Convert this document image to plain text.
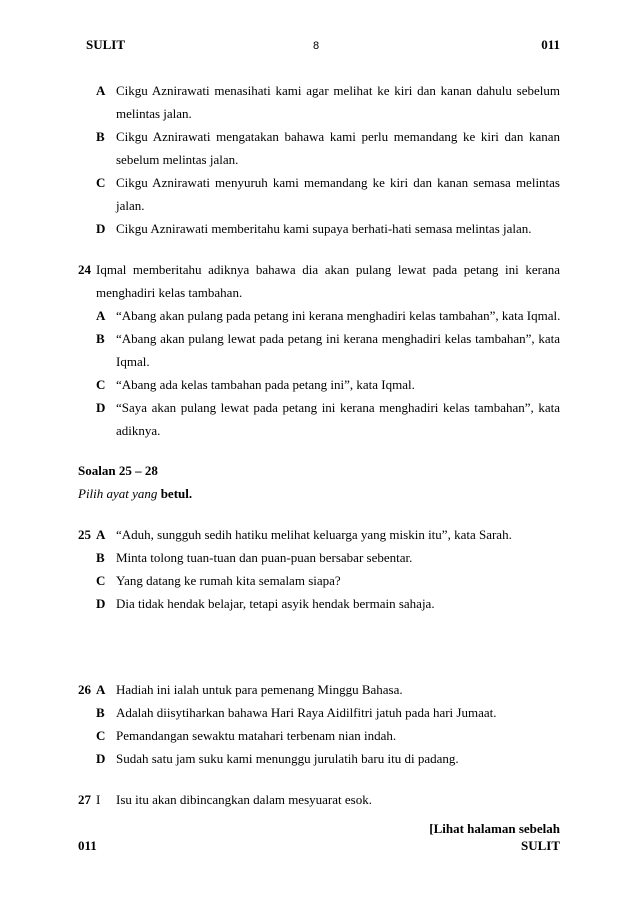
SULIT	8	011
A Cikgu Aznirawati menasihati kami agar melihat ke kiri dan kanan dahulu sebelum
melintas jalan.
B Cikgu Aznirawati mengatakan bahawa kami perlu memandang ke kiri dan kanan
sebelum melintas jalan.
C Cikgu Aznirawati menyuruh kami memandang ke kiri dan kanan semasa melintas
jalan.
D Cikgu Aznirawati memberitahu kami supaya berhati-hati semasa melintas jalan.
24 Iqmal memberitahu adiknya bahawa dia akan pulang lewat pada petang ini kerana
menghadiri kelas tambahan.
A “Abang akan pulang pada petang ini kerana menghadiri kelas tambahan”, kata Iqmal.
B “Abang akan pulang lewat pada petang ini kerana menghadiri kelas tambahan”, kata
Iqmal.
C “Abang ada kelas tambahan pada petang ini”, kata Iqmal.
D “Saya akan pulang lewat pada petang ini kerana menghadiri kelas tambahan”, kata
adiknya.
Soalan 25 – 28
Pilih ayat yang betul.
25 A “Aduh, sungguh sedih hatiku melihat keluarga yang miskin itu”, kata Sarah.
B Minta tolong tuan-tuan dan puan-puan bersabar sebentar.
C Yang datang ke rumah kita semalam siapa?
D Dia tidak hendak belajar, tetapi asyik hendak bermain sahaja.
26 A Hadiah ini ialah untuk para pemenang Minggu Bahasa.
B Adalah diisytiharkan bahawa Hari Raya Aidilfitri jatuh pada hari Jumaat.
C Pemandangan sewaktu matahari terbenam nian indah.
D Sudah satu jam suku kami menunggu jurulatih baru itu di padang.
27 I Isu itu akan dibincangkan dalam mesyuarat esok.
[Lihat halaman sebelah
011	SULIT
